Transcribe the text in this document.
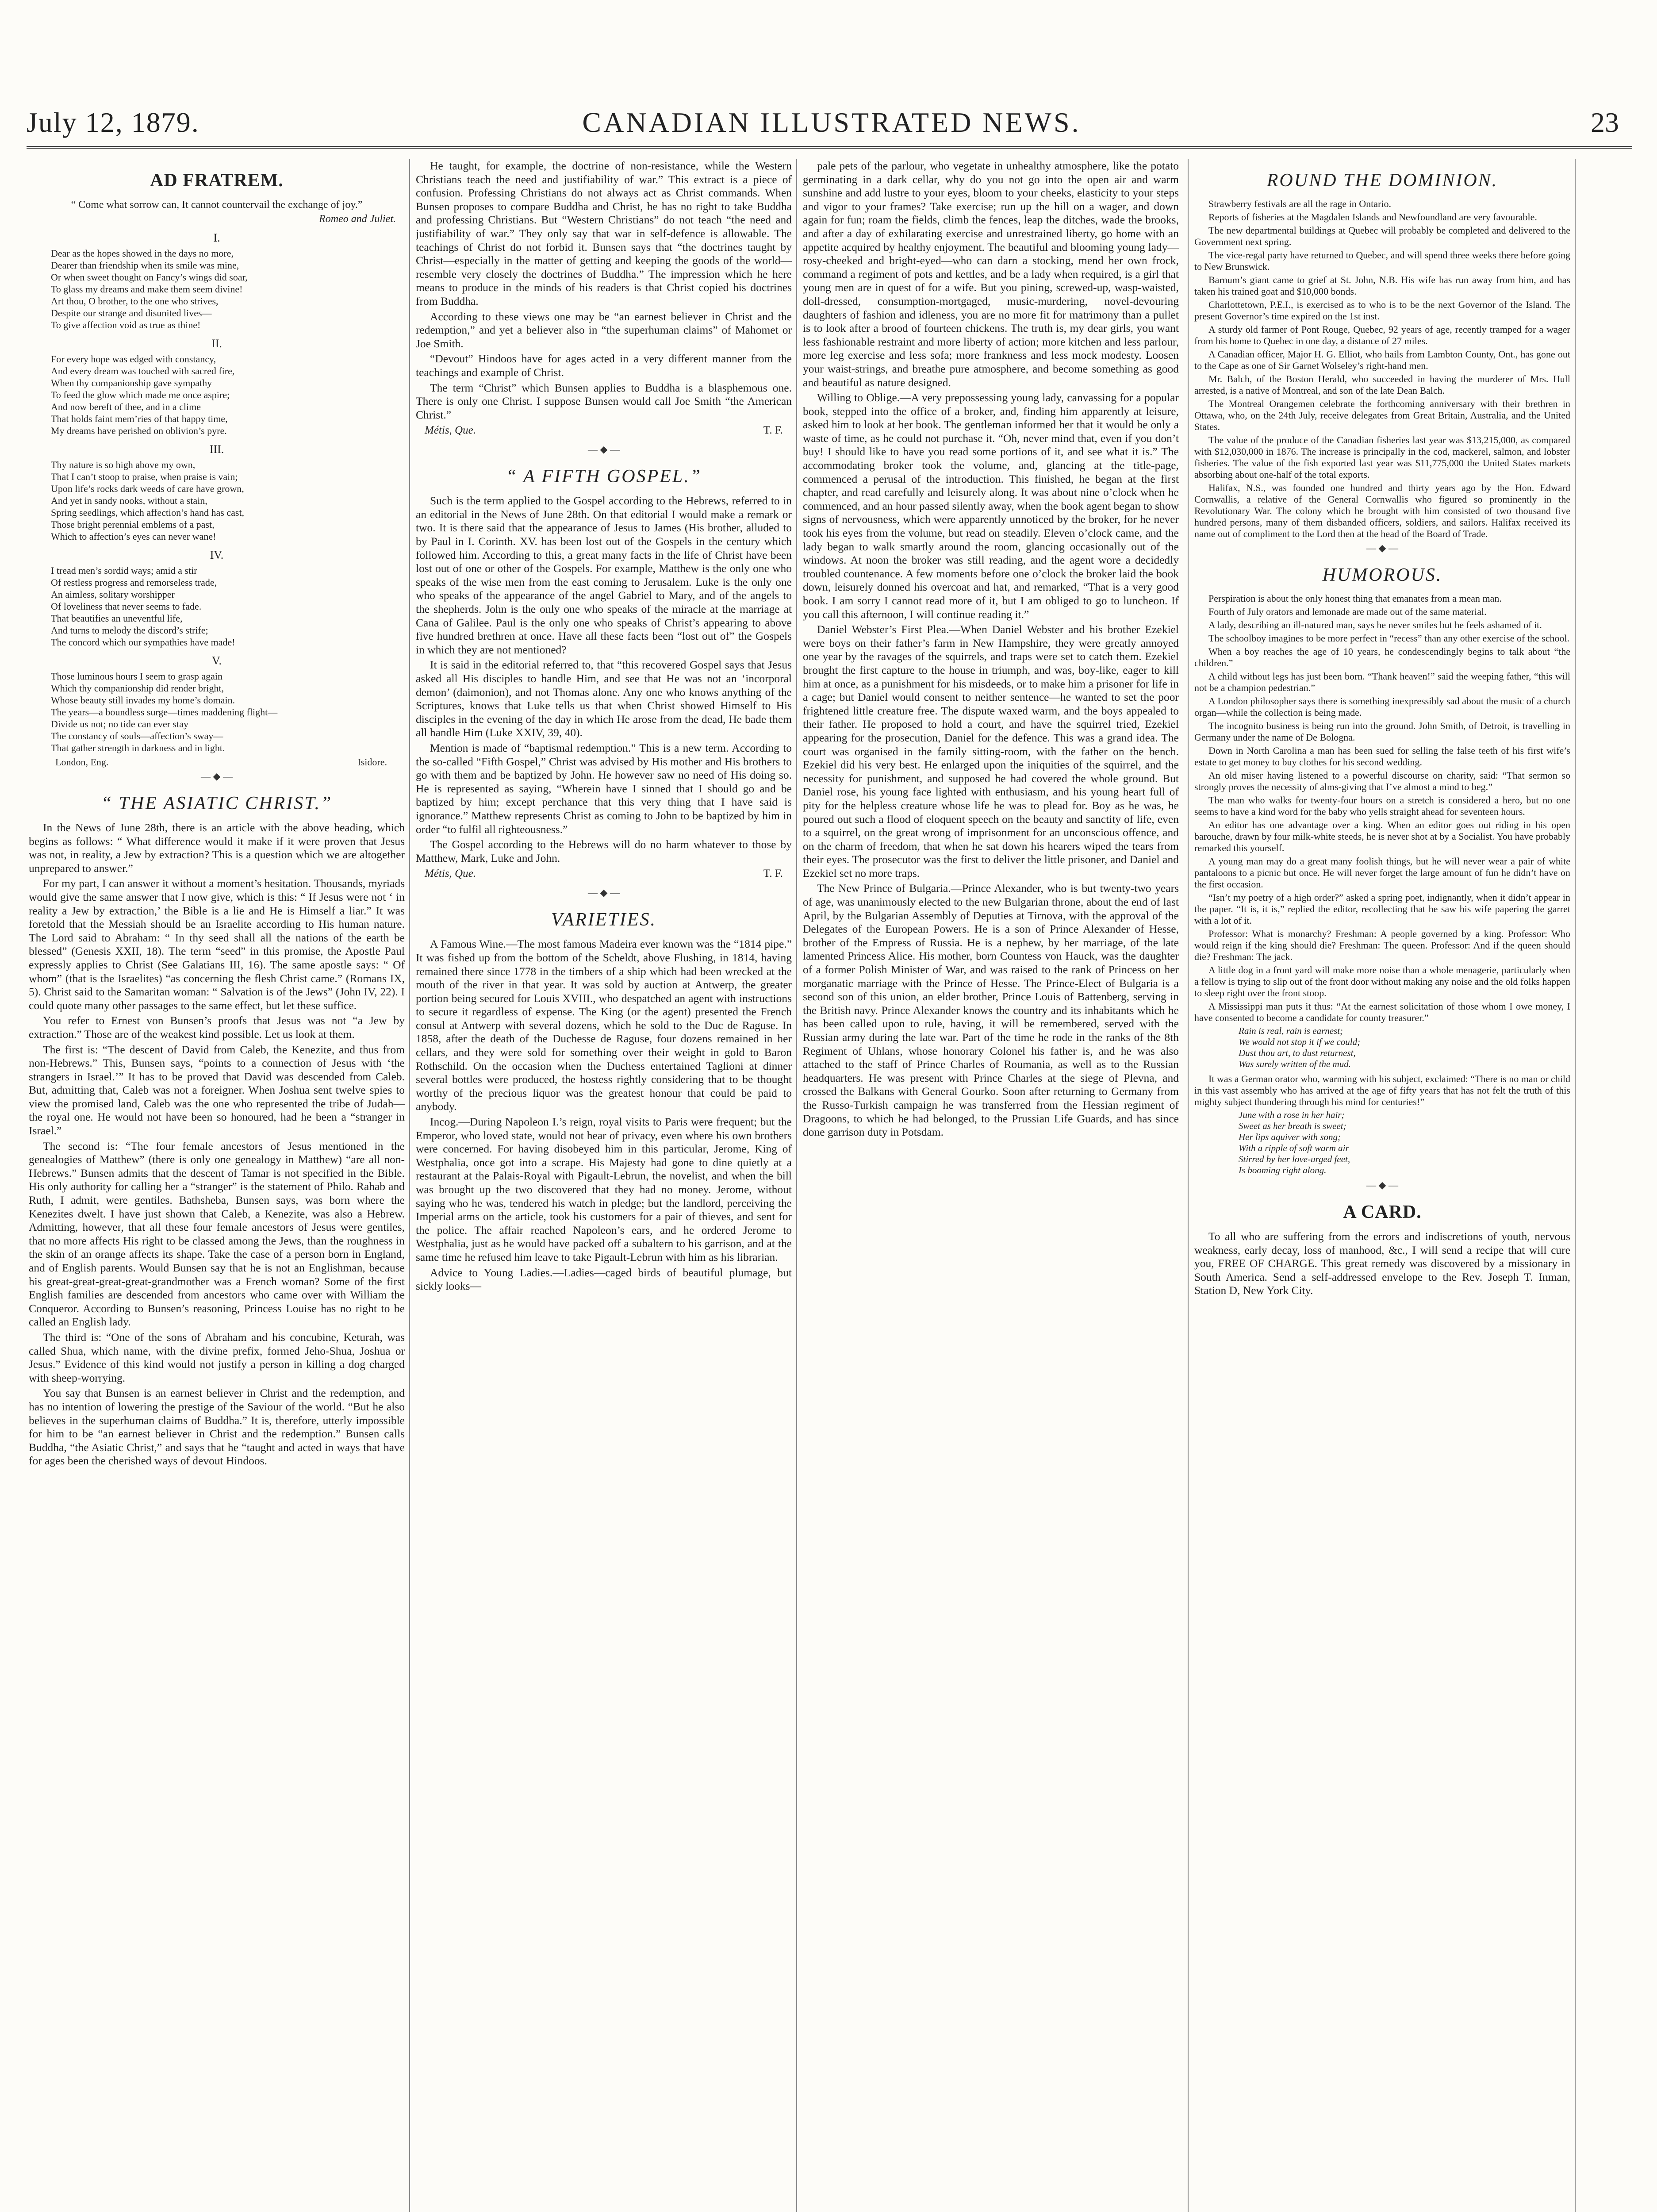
July 12, 1879.	CANADIAN ILLUSTRATED NEWS.	23
AD FRATREM.
“ Come what sorrow can, It cannot countervail the exchange of joy.”
Romeo and Juliet.
I.
Dear as the hopes showed in the days no more,
Dearer than friendship when its smile was mine,
Or when sweet thought on Fancy’s wings did soar,
To glass my dreams and make them seem divine!
Art thou, O brother, to the one who strives,
Despite our strange and disunited lives—
To give affection void as true as thine!
II.
For every hope was edged with constancy,
And every dream was touched with sacred fire,
When thy companionship gave sympathy
To feed the glow which made me once aspire;
And now bereft of thee, and in a clime
That holds faint mem’ries of that happy time,
My dreams have perished on oblivion’s pyre.
III.
Thy nature is so high above my own,
That I can’t stoop to praise, when praise is vain;
Upon life’s rocks dark weeds of care have grown,
And yet in sandy nooks, without a stain,
Spring seedlings, which affection’s hand has cast,
Those bright perennial emblems of a past,
Which to affection’s eyes can never wane!
IV.
I tread men’s sordid ways; amid a stir
Of restless progress and remorseless trade,
An aimless, solitary worshipper
Of loveliness that never seems to fade.
That beautifies an uneventful life,
And turns to melody the discord’s strife;
The concord which our sympathies have made!
V.
Those luminous hours I seem to grasp again
Which thy companionship did render bright,
Whose beauty still invades my home’s domain.
The years—a boundless surge—times maddening flight—
Divide us not; no tide can ever stay
The constancy of souls—affection’s sway—
That gather strength in darkness and in light.
London, Eng.	Isidore.
— ◆ —
“ THE ASIATIC CHRIST.”

In the News of June 28th, there is an article with the above heading, which begins as follows: “ What difference would it make if it were proven that Jesus was not, in reality, a Jew by extraction? This is a question which we are altogether unprepared to answer.”

For my part, I can answer it without a moment’s hesitation. Thousands, myriads would give the same answer that I now give, which is this: “ If Jesus were not ‘ in reality a Jew by extraction,’ the Bible is a lie and He is Himself a liar.” It was foretold that the Messiah should be an Israelite according to His human nature. The Lord said to Abraham: “ In thy seed shall all the nations of the earth be blessed” (Genesis XXII, 18). The term “seed” in this promise, the Apostle Paul expressly applies to Christ (See Galatians III, 16). The same apostle says: “ Of whom” (that is the Israelites) “as concerning the flesh Christ came.” (Romans IX, 5). Christ said to the Samaritan woman: “ Salvation is of the Jews” (John IV, 22). I could quote many other passages to the same effect, but let these suffice.

You refer to Ernest von Bunsen’s proofs that Jesus was not “a Jew by extraction.” Those are of the weakest kind possible. Let us look at them.

The first is: “The descent of David from Caleb, the Kenezite, and thus from non-Hebrews.” This, Bunsen says, “points to a connection of Jesus with ‘the strangers in Israel.’” It has to be proved that David was descended from Caleb. But, admitting that, Caleb was not a foreigner. When Joshua sent twelve spies to view the promised land, Caleb was the one who represented the tribe of Judah—the royal one. He would not have been so honoured, had he been a “stranger in Israel.”

The second is: “The four female ancestors of Jesus mentioned in the genealogies of Matthew” (there is only one genealogy in Matthew) “are all non-Hebrews.” Bunsen admits that the descent of Tamar is not specified in the Bible. His only authority for calling her a “stranger” is the statement of Philo. Rahab and Ruth, I admit, were gentiles. Bathsheba, Bunsen says, was born where the Kenezites dwelt. I have just shown that Caleb, a Kenezite, was also a Hebrew. Admitting, however, that all these four female ancestors of Jesus were gentiles, that no more affects His right to be classed among the Jews, than the roughness in the skin of an orange affects its shape. Take the case of a person born in England, and of English parents. Would Bunsen say that he is not an Englishman, because his great-great-great-great-grandmother was a French woman? Some of the first English families are descended from ancestors who came over with William the Conqueror. According to Bunsen’s reasoning, Princess Louise has no right to be called an English lady.

The third is: “One of the sons of Abraham and his concubine, Keturah, was called Shua, which name, with the divine prefix, formed Jeho-Shua, Joshua or Jesus.” Evidence of this kind would not justify a person in killing a dog charged with sheep-worrying.

You say that Bunsen is an earnest believer in Christ and the redemption, and has no intention of lowering the prestige of the Saviour of the world. “But he also believes in the superhuman claims of Buddha.” It is, therefore, utterly impossible for him to be “an earnest believer in Christ and the redemption.” Bunsen calls Buddha, “the Asiatic Christ,” and says that he “taught and acted in ways that have for ages been the cherished ways of devout Hindoos.

He taught, for example, the doctrine of non-resistance, while the Western Christians teach the need and justifiability of war.” This extract is a piece of confusion. Professing Christians do not always act as Christ commands. When Bunsen proposes to compare Buddha and Christ, he has no right to take Buddha and professing Christians. But “Western Christians” do not teach “the need and justifiability of war.” They only say that war in self-defence is allowable. The teachings of Christ do not forbid it. Bunsen says that “the doctrines taught by Christ—especially in the matter of getting and keeping the goods of the world—resemble very closely the doctrines of Buddha.” The impression which he here means to produce in the minds of his readers is that Christ copied his doctrines from Buddha.

According to these views one may be “an earnest believer in Christ and the redemption,” and yet a believer also in “the superhuman claims” of Mahomet or Joe Smith.

“Devout” Hindoos have for ages acted in a very different manner from the teachings and example of Christ.

The term “Christ” which Bunsen applies to Buddha is a blasphemous one. There is only one Christ. I suppose Bunsen would call Joe Smith “the American Christ.”

Métis, Que.	T. F.
— ◆ —
“ A FIFTH GOSPEL.”

Such is the term applied to the Gospel according to the Hebrews, referred to in an editorial in the News of June 28th. On that editorial I would make a remark or two. It is there said that the appearance of Jesus to James (His brother, alluded to by Paul in I. Corinth. XV. has been lost out of the Gospels in the century which followed him. According to this, a great many facts in the life of Christ have been lost out of one or other of the Gospels. For example, Matthew is the only one who speaks of the wise men from the east coming to Jerusalem. Luke is the only one who speaks of the appearance of the angel Gabriel to Mary, and of the angels to the shepherds. John is the only one who speaks of the miracle at the marriage at Cana of Galilee. Paul is the only one who speaks of Christ’s appearing to above five hundred brethren at once. Have all these facts been “lost out of” the Gospels in which they are not mentioned?

It is said in the editorial referred to, that “this recovered Gospel says that Jesus asked all His disciples to handle Him, and see that He was not an ‘incorporal demon’ (daimonion), and not Thomas alone. Any one who knows anything of the Scriptures, knows that Luke tells us that when Christ showed Himself to His disciples in the evening of the day in which He arose from the dead, He bade them all handle Him (Luke XXIV, 39, 40).

Mention is made of “baptismal redemption.” This is a new term. According to the so-called “Fifth Gospel,” Christ was advised by His mother and His brothers to go with them and be baptized by John. He however saw no need of His doing so. He is represented as saying, “Wherein have I sinned that I should go and be baptized by him; except perchance that this very thing that I have said is ignorance.” Matthew represents Christ as coming to John to be baptized by him in order “to fulfil all righteousness.”

The Gospel according to the Hebrews will do no harm whatever to those by Matthew, Mark, Luke and John.

Métis, Que.	T. F.
— ◆ —
VARIETIES.

A Famous Wine.—The most famous Madeira ever known was the “1814 pipe.” It was fished up from the bottom of the Scheldt, above Flushing, in 1814, having remained there since 1778 in the timbers of a ship which had been wrecked at the mouth of the river in that year. It was sold by auction at Antwerp, the greater portion being secured for Louis XVIII., who despatched an agent with instructions to secure it regardless of expense. The King (or the agent) presented the French consul at Antwerp with several dozens, which he sold to the Duc de Raguse. In 1858, after the death of the Duchesse de Raguse, four dozens remained in her cellars, and they were sold for something over their weight in gold to Baron Rothschild. On the occasion when the Duchess entertained Taglioni at dinner several bottles were produced, the hostess rightly considering that to be thought worthy of the precious liquor was the greatest honour that could be paid to anybody.

Incog.—During Napoleon I.’s reign, royal visits to Paris were frequent; but the Emperor, who loved state, would not hear of privacy, even where his own brothers were concerned. For having disobeyed him in this particular, Jerome, King of Westphalia, once got into a scrape. His Majesty had gone to dine quietly at a restaurant at the Palais-Royal with Pigault-Lebrun, the novelist, and when the bill was brought up the two discovered that they had no money. Jerome, without saying who he was, tendered his watch in pledge; but the landlord, perceiving the Imperial arms on the article, took his customers for a pair of thieves, and sent for the police. The affair reached Napoleon’s ears, and he ordered Jerome to Westphalia, just as he would have packed off a subaltern to his garrison, and at the same time he refused him leave to take Pigault-Lebrun with him as his librarian.

Advice to Young Ladies.—Ladies—caged birds of beautiful plumage, but sickly looks—

pale pets of the parlour, who vegetate in unhealthy atmosphere, like the potato germinating in a dark cellar, why do you not go into the open air and warm sunshine and add lustre to your eyes, bloom to your cheeks, elasticity to your steps and vigor to your frames? Take exercise; run up the hill on a wager, and down again for fun; roam the fields, climb the fences, leap the ditches, wade the brooks, and after a day of exhilarating exercise and unrestrained liberty, go home with an appetite acquired by healthy enjoyment. The beautiful and blooming young lady—rosy-cheeked and bright-eyed—who can darn a stocking, mend her own frock, command a regiment of pots and kettles, and be a lady when required, is a girl that young men are in quest of for a wife. But you pining, screwed-up, wasp-waisted, doll-dressed, consumption-mortgaged, music-murdering, novel-devouring daughters of fashion and idleness, you are no more fit for matrimony than a pullet is to look after a brood of fourteen chickens. The truth is, my dear girls, you want less fashionable restraint and more liberty of action; more kitchen and less parlour, more leg exercise and less sofa; more frankness and less mock modesty. Loosen your waist-strings, and breathe pure atmosphere, and become something as good and beautiful as nature designed.

Willing to Oblige.—A very prepossessing young lady, canvassing for a popular book, stepped into the office of a broker, and, finding him apparently at leisure, asked him to look at her book. The gentleman informed her that it would be only a waste of time, as he could not purchase it. “Oh, never mind that, even if you don’t buy! I should like to have you read some portions of it, and see what it is.” The accommodating broker took the volume, and, glancing at the title-page, commenced a perusal of the introduction. This finished, he began at the first chapter, and read carefully and leisurely along. It was about nine o’clock when he commenced, and an hour passed silently away, when the book agent began to show signs of nervousness, which were apparently unnoticed by the broker, for he never took his eyes from the volume, but read on steadily. Eleven o’clock came, and the lady began to walk smartly around the room, glancing occasionally out of the windows. At noon the broker was still reading, and the agent wore a decidedly troubled countenance. A few moments before one o’clock the broker laid the book down, leisurely donned his overcoat and hat, and remarked, “That is a very good book. I am sorry I cannot read more of it, but I am obliged to go to luncheon. If you call this afternoon, I will continue reading it.”

Daniel Webster’s First Plea.—When Daniel Webster and his brother Ezekiel were boys on their father’s farm in New Hampshire, they were greatly annoyed one year by the ravages of the squirrels, and traps were set to catch them. Ezekiel brought the first capture to the house in triumph, and was, boy-like, eager to kill him at once, as a punishment for his misdeeds, or to make him a prisoner for life in a cage; but Daniel would consent to neither sentence—he wanted to set the poor frightened little creature free. The dispute waxed warm, and the boys appealed to their father. He proposed to hold a court, and have the squirrel tried, Ezekiel appearing for the prosecution, Daniel for the defence. This was a grand idea. The court was organised in the family sitting-room, with the father on the bench. Ezekiel did his very best. He enlarged upon the iniquities of the squirrel, and the necessity for punishment, and supposed he had covered the whole ground. But Daniel rose, his young face lighted with enthusiasm, and his young heart full of pity for the helpless creature whose life he was to plead for. Boy as he was, he poured out such a flood of eloquent speech on the beauty and sanctity of life, even to a squirrel, on the great wrong of imprisonment for an unconscious offence, and on the charm of freedom, that when he sat down his hearers wiped the tears from their eyes. The prosecutor was the first to deliver the little prisoner, and Daniel and Ezekiel set no more traps.

The New Prince of Bulgaria.—Prince Alexander, who is but twenty-two years of age, was unanimously elected to the new Bulgarian throne, about the end of last April, by the Bulgarian Assembly of Deputies at Tirnova, with the approval of the Delegates of the European Powers. He is a son of Prince Alexander of Hesse, brother of the Empress of Russia. He is a nephew, by her marriage, of the late lamented Princess Alice. His mother, born Countess von Hauck, was the daughter of a former Polish Minister of War, and was raised to the rank of Princess on her morganatic marriage with the Prince of Hesse. The Prince-Elect of Bulgaria is a second son of this union, an elder brother, Prince Louis of Battenberg, serving in the British navy. Prince Alexander knows the country and its inhabitants which he has been called upon to rule, having, it will be remembered, served with the Russian army during the late war. Part of the time he rode in the ranks of the 8th Regiment of Uhlans, whose honorary Colonel his father is, and he was also attached to the staff of Prince Charles of Roumania, as well as to the Russian headquarters. He was present with Prince Charles at the siege of Plevna, and crossed the Balkans with General Gourko. Soon after returning to Germany from the Russo-Turkish campaign he was transferred from the Hessian regiment of Dragoons, to which he had belonged, to the Prussian Life Guards, and has since done garrison duty in Potsdam.

ROUND THE DOMINION.

Strawberry festivals are all the rage in Ontario.

Reports of fisheries at the Magdalen Islands and Newfoundland are very favourable.

The new departmental buildings at Quebec will probably be completed and delivered to the Government next spring.

The vice-regal party have returned to Quebec, and will spend three weeks there before going to New Brunswick.

Barnum’s giant came to grief at St. John, N.B. His wife has run away from him, and has taken his trained goat and $10,000 bonds.

Charlottetown, P.E.I., is exercised as to who is to be the next Governor of the Island. The present Governor’s time expired on the 1st inst.

A sturdy old farmer of Pont Rouge, Quebec, 92 years of age, recently tramped for a wager from his home to Quebec in one day, a distance of 27 miles.

A Canadian officer, Major H. G. Elliot, who hails from Lambton County, Ont., has gone out to the Cape as one of Sir Garnet Wolseley’s right-hand men.

Mr. Balch, of the Boston Herald, who succeeded in having the murderer of Mrs. Hull arrested, is a native of Montreal, and son of the late Dean Balch.

The Montreal Orangemen celebrate the forthcoming anniversary with their brethren in Ottawa, who, on the 24th July, receive delegates from Great Britain, Australia, and the United States.

The value of the produce of the Canadian fisheries last year was $13,215,000, as compared with $12,030,000 in 1876. The increase is principally in the cod, mackerel, salmon, and lobster fisheries. The value of the fish exported last year was $11,775,000 the United States markets absorbing about one-half of the total exports.

Halifax, N.S., was founded one hundred and thirty years ago by the Hon. Edward Cornwallis, a relative of the General Cornwallis who figured so prominently in the Revolutionary War. The colony which he brought with him consisted of two thousand five hundred persons, many of them disbanded officers, soldiers, and sailors. Halifax received its name out of compliment to the Lord then at the head of the Board of Trade.

— ◆ —
HUMOROUS.

Perspiration is about the only honest thing that emanates from a mean man.

Fourth of July orators and lemonade are made out of the same material.

A lady, describing an ill-natured man, says he never smiles but he feels ashamed of it.

The schoolboy imagines to be more perfect in “recess” than any other exercise of the school.

When a boy reaches the age of 10 years, he condescendingly begins to talk about “the children.”

A child without legs has just been born. “Thank heaven!” said the weeping father, “this will not be a champion pedestrian.”

A London philosopher says there is something inexpressibly sad about the music of a church organ—while the collection is being made.

The incognito business is being run into the ground. John Smith, of Detroit, is travelling in Germany under the name of De Bologna.

Down in North Carolina a man has been sued for selling the false teeth of his first wife’s estate to get money to buy clothes for his second wedding.

An old miser having listened to a powerful discourse on charity, said: “That sermon so strongly proves the necessity of alms-giving that I’ve almost a mind to beg.”

The man who walks for twenty-four hours on a stretch is considered a hero, but no one seems to have a kind word for the baby who yells straight ahead for seventeen hours.

An editor has one advantage over a king. When an editor goes out riding in his open barouche, drawn by four milk-white steeds, he is never shot at by a Socialist. You have probably remarked this yourself.

A young man may do a great many foolish things, but he will never wear a pair of white pantaloons to a picnic but once. He will never forget the large amount of fun he didn’t have on the first occasion.

“Isn’t my poetry of a high order?” asked a spring poet, indignantly, when it didn’t appear in the paper. “It is, it is,” replied the editor, recollecting that he saw his wife papering the garret with a lot of it.

Professor: What is monarchy? Freshman: A people governed by a king. Professor: Who would reign if the king should die? Freshman: The queen. Professor: And if the queen should die? Freshman: The jack.

A little dog in a front yard will make more noise than a whole menagerie, particularly when a fellow is trying to slip out of the front door without making any noise and the old folks happen to sleep right over the front stoop.

A Mississippi man puts it thus: “At the earnest solicitation of those whom I owe money, I have consented to become a candidate for county treasurer.”

Rain is real, rain is earnest;
We would not stop it if we could;
Dust thou art, to dust returnest,
Was surely written of the mud.

It was a German orator who, warming with his subject, exclaimed: “There is no man or child in this vast assembly who has arrived at the age of fifty years that has not felt the truth of this mighty subject thundering through his mind for centuries!”

June with a rose in her hair;
Sweet as her breath is sweet;
Her lips aquiver with song;
With a ripple of soft warm air
Stirred by her love-urged feet,
Is booming right along.
— ◆ —
A CARD.

To all who are suffering from the errors and indiscretions of youth, nervous weakness, early decay, loss of manhood, &c., I will send a recipe that will cure you, FREE OF CHARGE. This great remedy was discovered by a missionary in South America. Send a self-addressed envelope to the Rev. Joseph T. Inman, Station D, New York City.
